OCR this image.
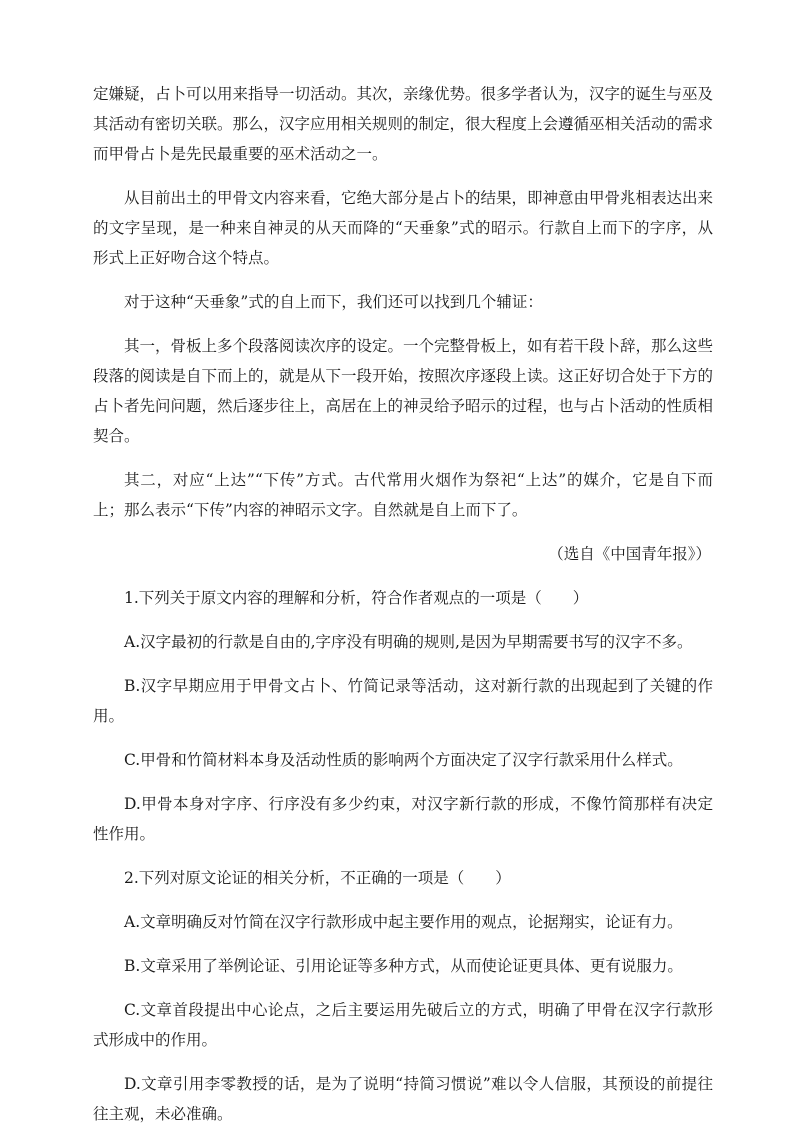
定嫌疑，占卜可以用来指导一切活动。其次，亲缘优势。很多学者认为，汉字的诞生与巫及其活动有密切关联。那么，汉字应用相关规则的制定，很大程度上会遵循巫相关活动的需求而甲骨占卜是先民最重要的巫术活动之一。

从目前出土的甲骨文内容来看，它绝大部分是占卜的结果，即神意由甲骨兆相表达出来的文字呈现，是一种来自神灵的从天而降的“天垂象”式的昭示。行款自上而下的字序，从形式上正好吻合这个特点。

对于这种“天垂象”式的自上而下，我们还可以找到几个辅证：

其一，骨板上多个段落阅读次序的设定。一个完整骨板上，如有若干段卜辞，那么这些段落的阅读是自下而上的，就是从下一段开始，按照次序逐段上读。这正好切合处于下方的占卜者先问问题，然后逐步往上，高居在上的神灵给予昭示的过程，也与占卜活动的性质相契合。

其二，对应“上达”“下传”方式。古代常用火烟作为祭祀“上达”的媒介，它是自下而上；那么表示“下传”内容的神昭示文字。自然就是自上而下了。

（选自《中国青年报》）

1.下列关于原文内容的理解和分析，符合作者观点的一项是（　　）

A.汉字最初的行款是自由的,字序没有明确的规则,是因为早期需要书写的汉字不多。

B.汉字早期应用于甲骨文占卜、竹简记录等活动，这对新行款的出现起到了关键的作用。

C.甲骨和竹简材料本身及活动性质的影响两个方面决定了汉字行款采用什么样式。

D.甲骨本身对字序、行序没有多少约束，对汉字新行款的形成，不像竹简那样有决定性作用。

2.下列对原文论证的相关分析，不正确的一项是（　　）

A.文章明确反对竹简在汉字行款形成中起主要作用的观点，论据翔实，论证有力。

B.文章采用了举例论证、引用论证等多种方式，从而使论证更具体、更有说服力。

C.文章首段提出中心论点，之后主要运用先破后立的方式，明确了甲骨在汉字行款形式形成中的作用。

D.文章引用李零教授的话，是为了说明“持简习惯说”难以令人信服，其预设的前提往往主观，未必准确。
